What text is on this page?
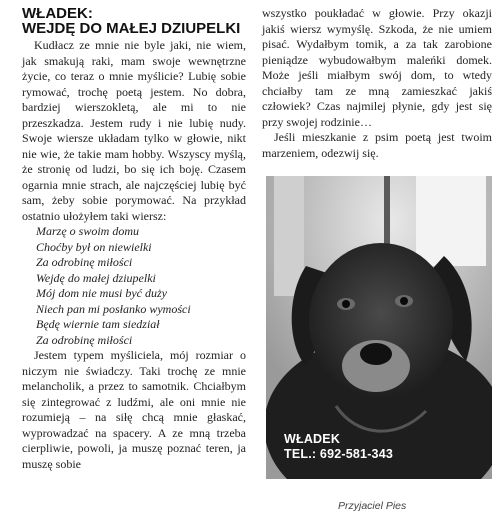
WŁADEK:
WEJDĘ DO MAŁEJ DZIUPELKI

Kudłacz ze mnie nie byle jaki, nie wiem, jak smakują raki, mam swoje wewnętrzne życie, co teraz o mnie myślicie? Lubię sobie rymować, trochę poetą jestem. No dobra, bardziej wierszokletą, ale mi to nie przeszkadza. Jestem rudy i nie lubię nudy. Swoje wiersze układam tylko w głowie, nikt nie wie, że takie mam hobby. Wszyscy myślą, że stronię od ludzi, bo się ich boję. Czasem ogarnia mnie strach, ale najczęściej lubię być sam, żeby sobie porymować. Na przykład ostatnio ułożyłem taki wiersz:

Marzę o swoim domu
Choćby był on niewielki
Za odrobinę miłości
Wejdę do małej dziupelki
Mój dom nie musi być duży
Niech pan mi posłanko wymości
Będę wiernie tam siedział
Za odrobinę miłości

Jestem typem myśliciela, mój rozmiar o niczym nie świadczy. Taki trochę ze mnie melancholik, a przez to samotnik. Chciałbym się zintegrować z ludźmi, ale oni mnie nie rozumieją – na siłę chcą mnie głaskać, wyprowadzać na spacery. A ze mną trzeba cierpliwie, powoli, ja muszę poznać teren, ja muszę sobie

wszystko poukładać w głowie. Przy okazji jakiś wiersz wymyślę. Szkoda, że nie umiem pisać. Wydałbym tomik, a za tak zarobione pieniądze wybudowałbym maleńki domek. Może jeśli miałbym swój dom, to wtedy chciałby tam ze mną zamieszkać jakiś człowiek? Czas najmilej płynie, gdy jest się przy swojej rodzinie…

Jeśli mieszkanie z psim poetą jest twoim marzeniem, odezwij się.

WŁADEK
TEL.: 692-581-343
Przyjaciel Pies
